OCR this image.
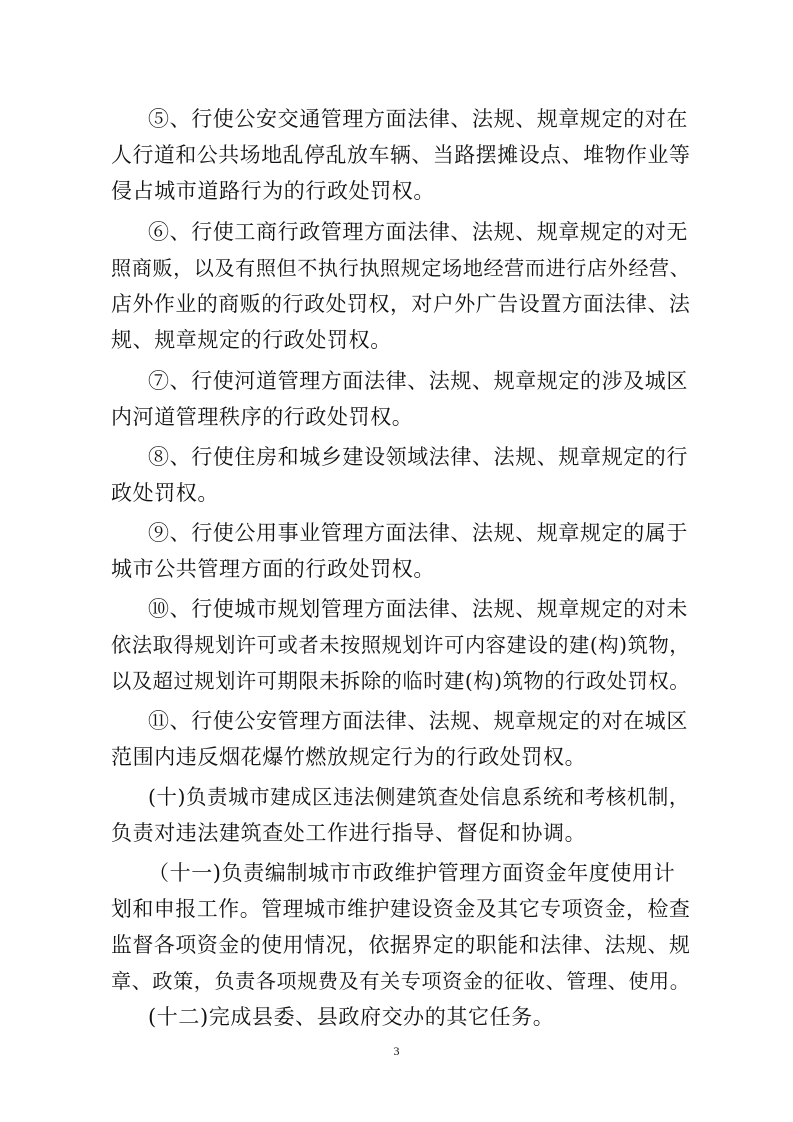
⑤、行使公安交通管理方面法律、法规、规章规定的对在
人行道和公共场地乱停乱放车辆、当路摆摊设点、堆物作业等
侵占城市道路行为的行政处罚权。
⑥、行使工商行政管理方面法律、法规、规章规定的对无
照商贩，以及有照但不执行执照规定场地经营而进行店外经营、
店外作业的商贩的行政处罚权，对户外广告设置方面法律、法
规、规章规定的行政处罚权。
⑦、行使河道管理方面法律、法规、规章规定的涉及城区
内河道管理秩序的行政处罚权。
⑧、行使住房和城乡建设领域法律、法规、规章规定的行
政处罚权。
⑨、行使公用事业管理方面法律、法规、规章规定的属于
城市公共管理方面的行政处罚权。
⑩、行使城市规划管理方面法律、法规、规章规定的对未
依法取得规划许可或者未按照规划许可内容建设的建(构)筑物，
以及超过规划许可期限未拆除的临时建(构)筑物的行政处罚权。
⑪、行使公安管理方面法律、法规、规章规定的对在城区
范围内违反烟花爆竹燃放规定行为的行政处罚权。
(十)负责城市建成区违法侧建筑查处信息系统和考核机制，
负责对违法建筑查处工作进行指导、督促和协调。
（十一)负责编制城市市政维护管理方面资金年度使用计
划和申报工作。管理城市维护建设资金及其它专项资金，检查
监督各项资金的使用情况，依据界定的职能和法律、法规、规
章、政策，负责各项规费及有关专项资金的征收、管理、使用。
(十二)完成县委、县政府交办的其它任务。
3
